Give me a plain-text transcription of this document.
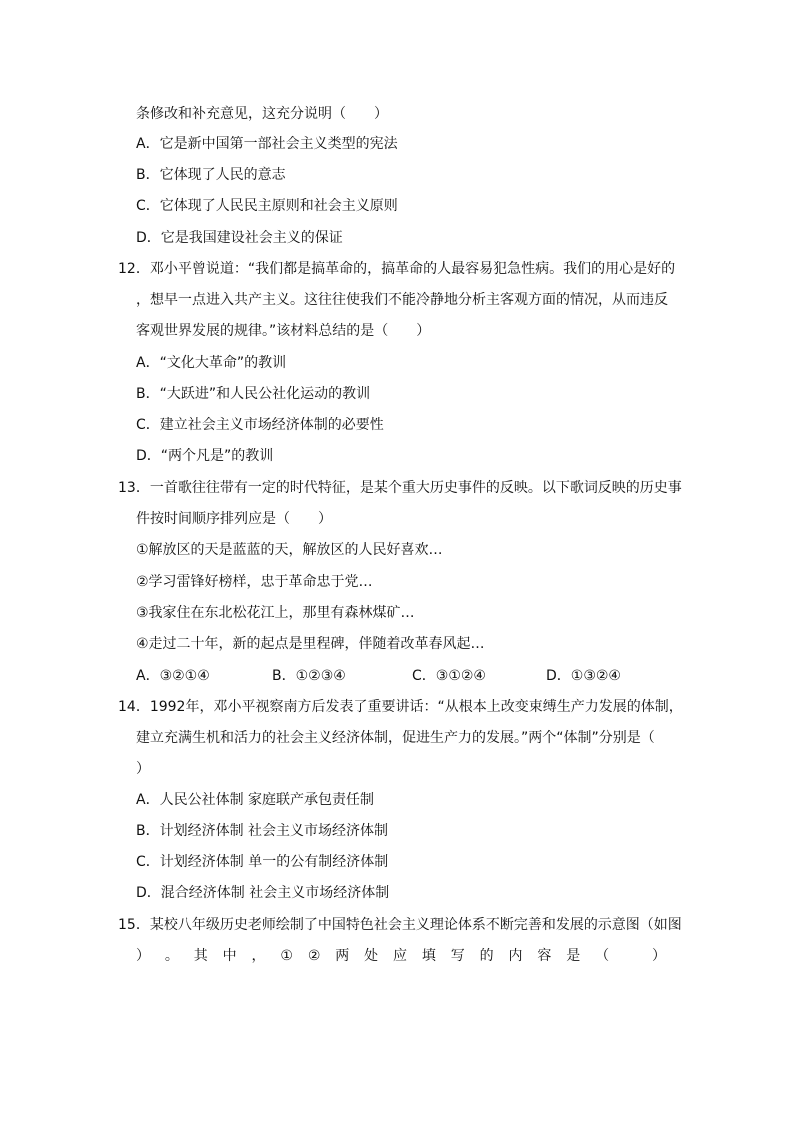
条修改和补充意见，这充分说明（　　）
A．它是新中国第一部社会主义类型的宪法
B．它体现了人民的意志
C．它体现了人民民主原则和社会主义原则
D．它是我国建设社会主义的保证
12．邓小平曾说道：“我们都是搞革命的，搞革命的人最容易犯急性病。我们的用心是好的
，想早一点进入共产主义。这往往使我们不能冷静地分析主客观方面的情况，从而违反
客观世界发展的规律。”该材料总结的是（　　）
A．“文化大革命”的教训
B．“大跃进”和人民公社化运动的教训
C．建立社会主义市场经济体制的必要性
D．“两个凡是”的教训
13．一首歌往往带有一定的时代特征，是某个重大历史事件的反映。以下歌词反映的历史事
件按时间顺序排列应是（　　）
①解放区的天是蓝蓝的天，解放区的人民好喜欢…
②学习雷锋好榜样，忠于革命忠于党…
③我家住在东北松花江上，那里有森林煤矿…
④走过二十年，新的起点是里程碑，伴随着改革春风起…
A．③②①④	B．①②③④	C．③①②④	D．①③②④
14．1992年，邓小平视察南方后发表了重要讲话：“从根本上改变束缚生产力发展的体制，
建立充满生机和活力的社会主义经济体制，促进生产力的发展。”两个“体制”分别是（
）
A．人民公社体制 家庭联产承包责任制
B．计划经济体制 社会主义市场经济体制
C．计划经济体制 单一的公有制经济体制
D．混合经济体制 社会主义市场经济体制
15．某校八年级历史老师绘制了中国特色社会主义理论体系不断完善和发展的示意图（如图
） 。 其 中 ， ① ② 两 处 应 填 写 的 内 容 是 （　　 ）
